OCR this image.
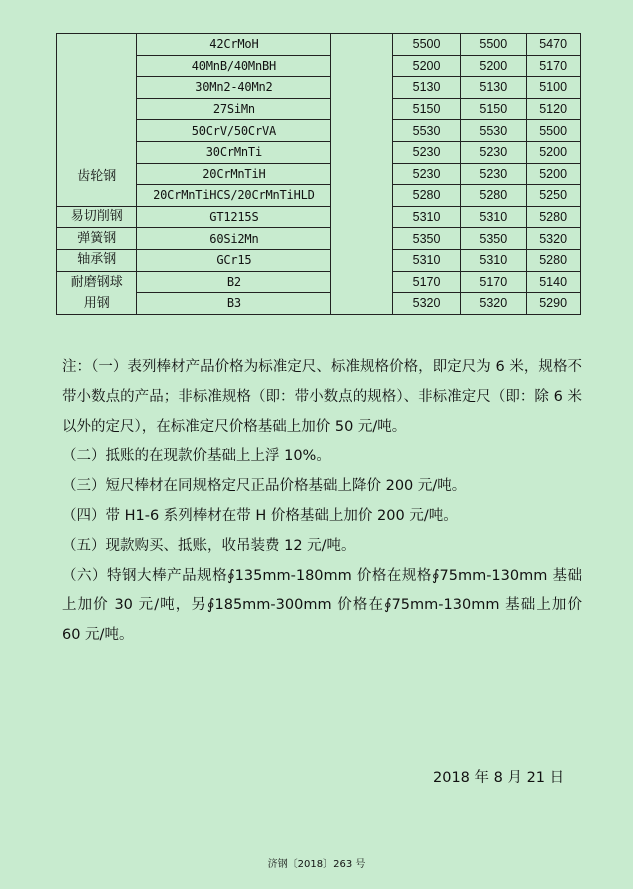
齿轮钢	42CrMoH		5500	5500	5470
	40MnB/40MnBH		5200	5200	5170
	30Mn2-40Mn2		5130	5130	5100
	27SiMn		5150	5150	5120
	50CrV/50CrVA		5530	5530	5500
	30CrMnTi		5230	5230	5200
	20CrMnTiH		5230	5230	5200
	20CrMnTiHCS/20CrMnTiHLD		5280	5280	5250
易切削钢	GT1215S		5310	5310	5280
弹簧钢	60Si2Mn		5350	5350	5320
轴承钢	GCr15		5310	5310	5280

耐磨钢球
用钢	B2		5170	5170	5140
	B3		5320	5320	5290

注：（一）表列棒材产品价格为标准定尺、标准规格价格，即定尺为 6 米，规格不带小数点的产品；非标准规格（即：带小数点的规格）、非标准定尺（即：除 6 米以外的定尺），在标准定尺价格基础上加价 50 元/吨。

（二）抵账的在现款价基础上上浮 10%。

（三）短尺棒材在同规格定尺正品价格基础上降价 200 元/吨。

（四）带 H1-6 系列棒材在带 H 价格基础上加价 200 元/吨。

（五）现款购买、抵账，收吊装费 12 元/吨。

（六）特钢大棒产品规格∮135mm-180mm 价格在规格∮75mm-130mm 基础上加价 30 元/吨，另∮185mm-300mm 价格在∮75mm-130mm 基础上加价 60 元/吨。

2018 年 8 月 21 日
济钢〔2018〕263 号
